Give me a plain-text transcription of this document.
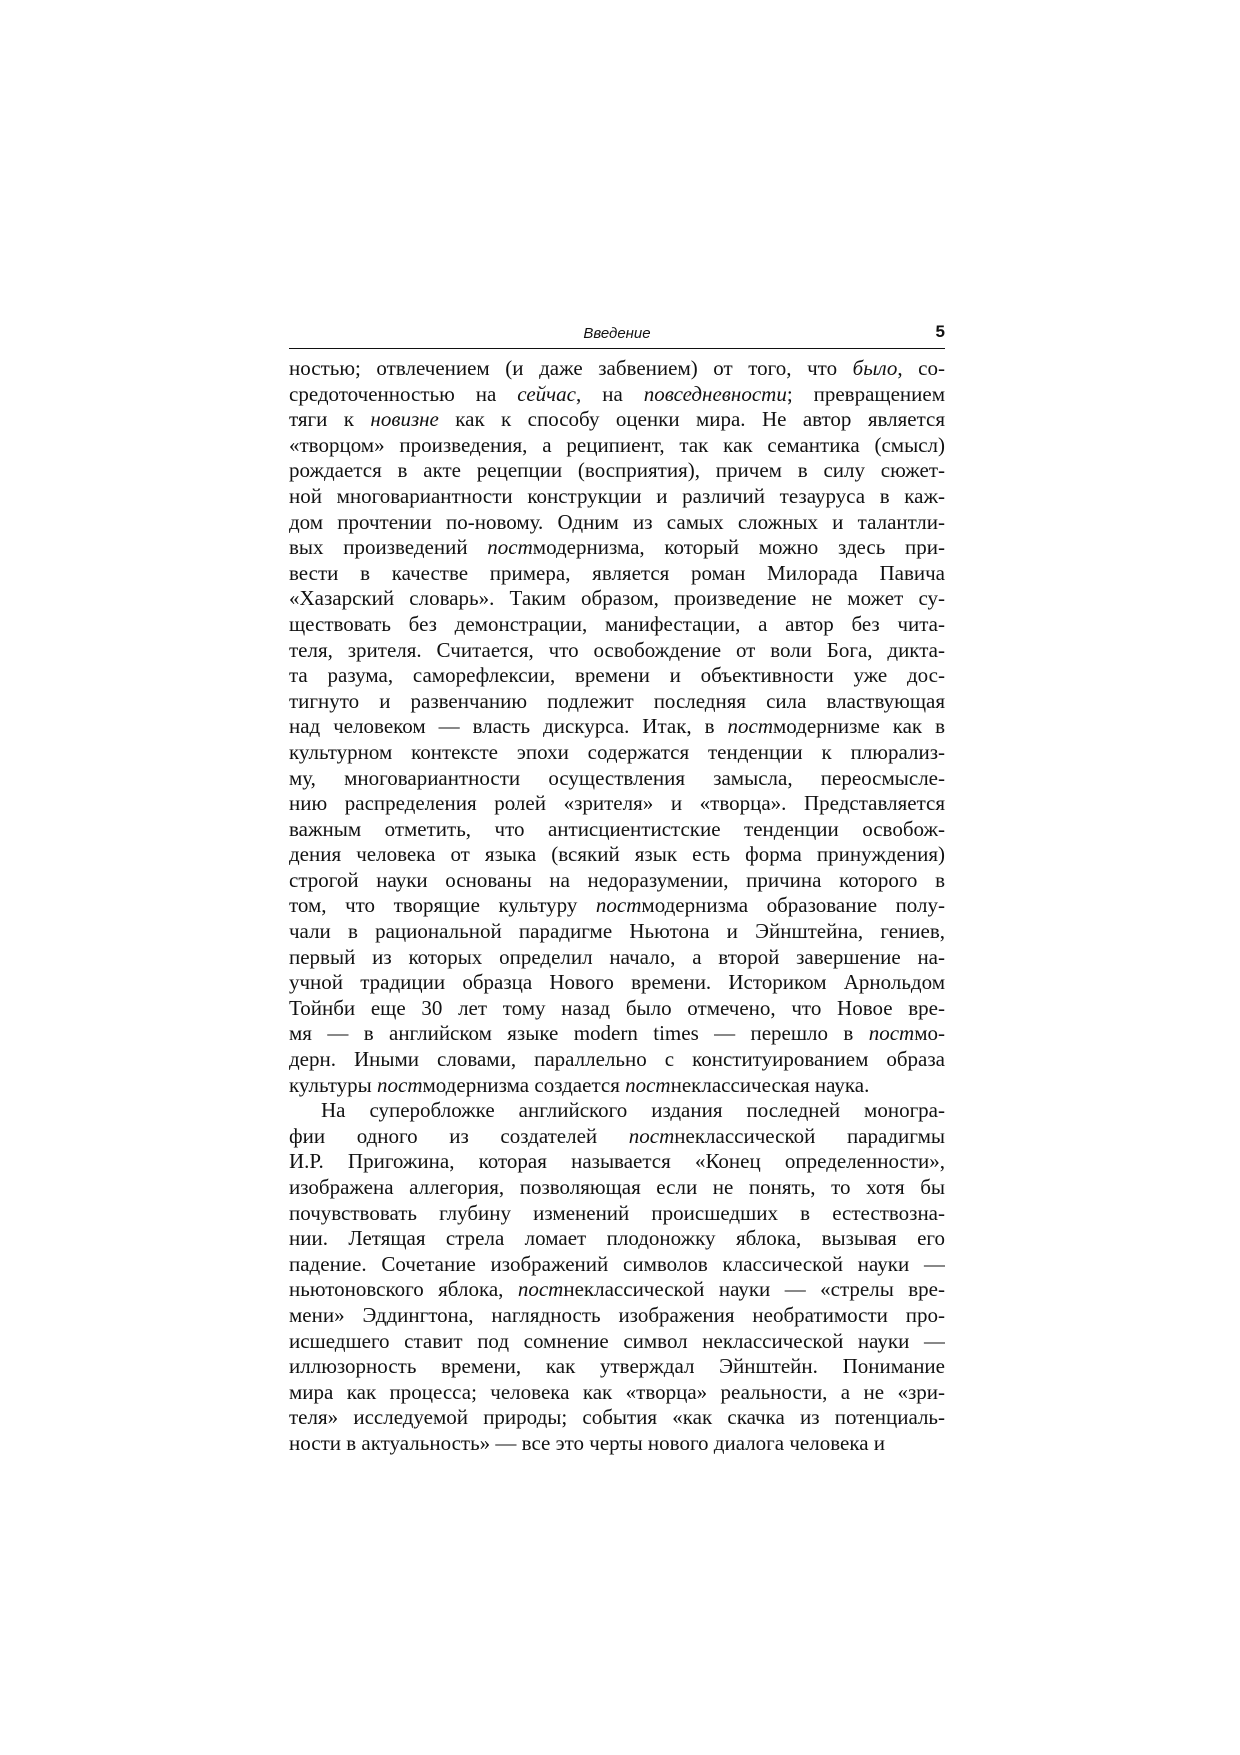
Введение	5
ностью; отвлечением (и даже забвением) от того, что было, со-
средоточенностью на сейчас, на повседневности; превращением
тяги к новизне как к способу оценки мира. Не автор является
«творцом» произведения, а реципиент, так как семантика (смысл)
рождается в акте рецепции (восприятия), причем в силу сюжет-
ной многовариантности конструкции и различий тезауруса в каж-
дом прочтении по-новому. Одним из самых сложных и талантли-
вых произведений постмодернизма, который можно здесь при-
вести в качестве примера, является роман Милорада Павича
«Хазарский словарь». Таким образом, произведение не может су-
ществовать без демонстрации, манифестации, а автор без чита-
теля, зрителя. Считается, что освобождение от воли Бога, дикта-
та разума, саморефлексии, времени и объективности уже дос-
тигнуто и развенчанию подлежит последняя сила властвующая
над человеком — власть дискурса. Итак, в постмодернизме как в
культурном контексте эпохи содержатся тенденции к плюрализ-
му, многовариантности осуществления замысла, переосмысле-
нию распределения ролей «зрителя» и «творца». Представляется
важным отметить, что антисциентистские тенденции освобож-
дения человека от языка (всякий язык есть форма принуждения)
строгой науки основаны на недоразумении, причина которого в
том, что творящие культуру постмодернизма образование полу-
чали в рациональной парадигме Ньютона и Эйнштейна, гениев,
первый из которых определил начало, а второй завершение на-
учной традиции образца Нового времени. Историком Арнольдом
Тойнби еще 30 лет тому назад было отмечено, что Новое вре-
мя — в английском языке modern times — перешло в постмо-
дерн. Иными словами, параллельно с конституированием образа
культуры постмодернизма создается постнеклассическая наука.
На суперобложке английского издания последней моногра-
фии одного из создателей постнеклассической парадигмы
И.Р. Пригожина, которая называется «Конец определенности»,
изображена аллегория, позволяющая если не понять, то хотя бы
почувствовать глубину изменений происшедших в естествозна-
нии. Летящая стрела ломает плодоножку яблока, вызывая его
падение. Сочетание изображений символов классической науки —
ньютоновского яблока, постнеклассической науки — «стрелы вре-
мени» Эддингтона, наглядность изображения необратимости про-
исшедшего ставит под сомнение символ неклассической науки —
иллюзорность времени, как утверждал Эйнштейн. Понимание
мира как процесса; человека как «творца» реальности, а не «зри-
теля» исследуемой природы; события «как скачка из потенциаль-
ности в актуальность» — все это черты нового диалога человека и
